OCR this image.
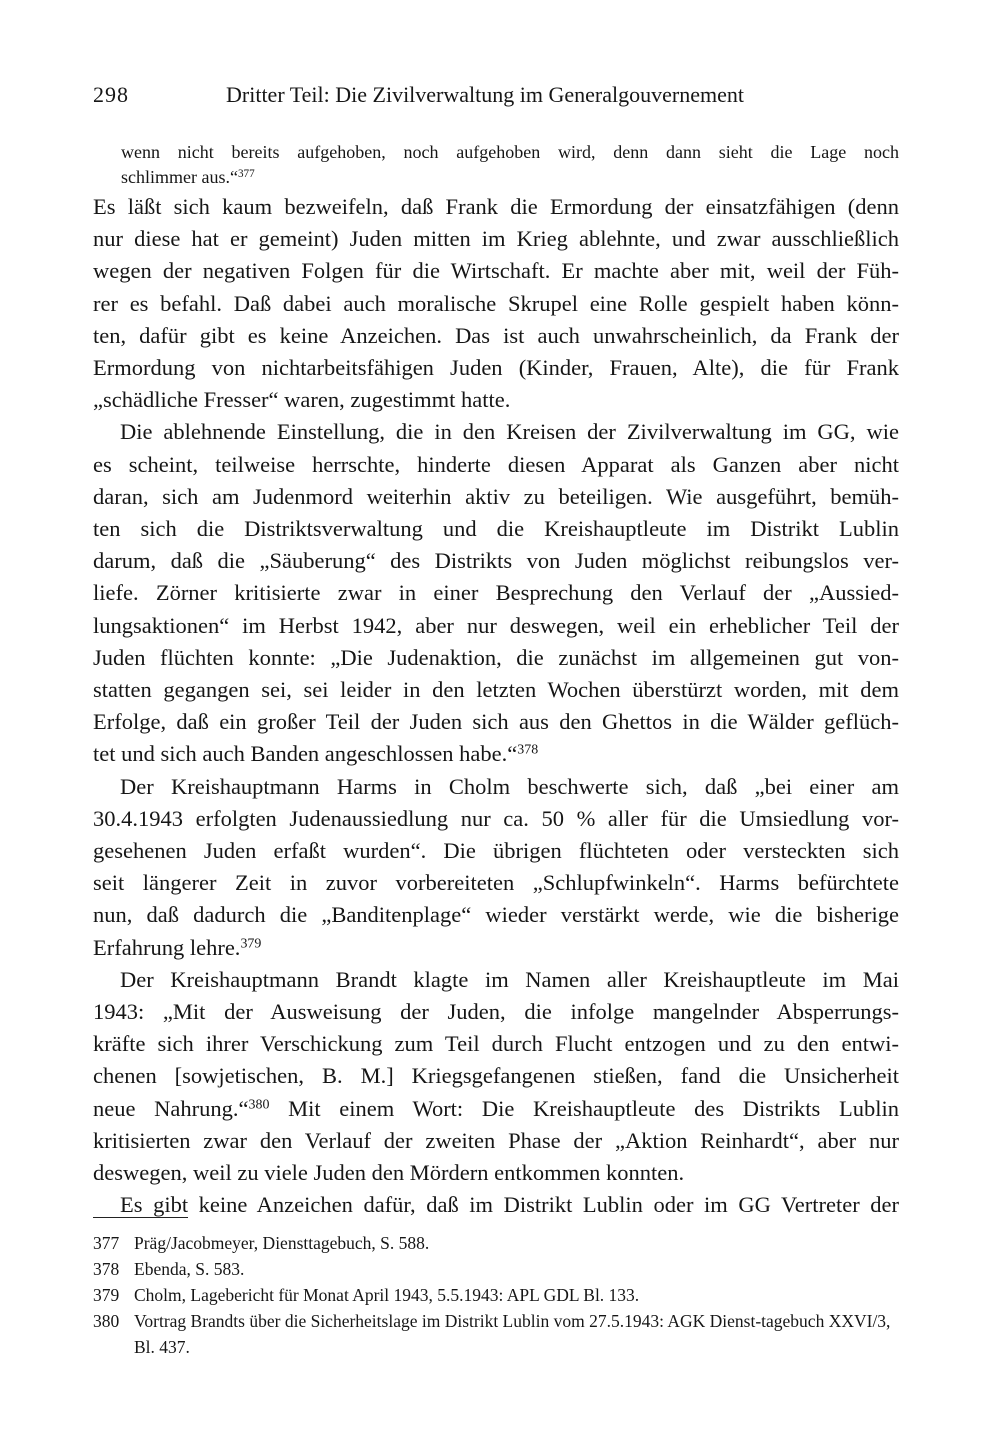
298	Dritter Teil: Die Zivilverwaltung im Generalgouvernement
wenn nicht bereits aufgehoben, noch aufgehoben wird, denn dann sieht die Lage noch
schlimmer aus.“$^{377}$
Es läßt sich kaum bezweifeln, daß Frank die Ermordung der einsatzfähigen (denn
nur diese hat er gemeint) Juden mitten im Krieg ablehnte, und zwar ausschließlich
wegen der negativen Folgen für die Wirtschaft. Er machte aber mit, weil der Füh-
rer es befahl. Daß dabei auch moralische Skrupel eine Rolle gespielt haben könn-
ten, dafür gibt es keine Anzeichen. Das ist auch unwahrscheinlich, da Frank der
Ermordung von nichtarbeitsfähigen Juden (Kinder, Frauen, Alte), die für Frank
„schädliche Fresser“ waren, zugestimmt hatte.
Die ablehnende Einstellung, die in den Kreisen der Zivilverwaltung im GG, wie
es scheint, teilweise herrschte, hinderte diesen Apparat als Ganzen aber nicht
daran, sich am Judenmord weiterhin aktiv zu beteiligen. Wie ausgeführt, bemüh-
ten sich die Distriktsverwaltung und die Kreishauptleute im Distrikt Lublin
darum, daß die „Säuberung“ des Distrikts von Juden möglichst reibungslos ver-
liefe. Zörner kritisierte zwar in einer Besprechung den Verlauf der „Aussied-
lungsaktionen“ im Herbst 1942, aber nur deswegen, weil ein erheblicher Teil der
Juden flüchten konnte: „Die Judenaktion, die zunächst im allgemeinen gut von-
statten gegangen sei, sei leider in den letzten Wochen überstürzt worden, mit dem
Erfolge, daß ein großer Teil der Juden sich aus den Ghettos in die Wälder geflüch-
tet und sich auch Banden angeschlossen habe.“$^{378}$
Der Kreishauptmann Harms in Cholm beschwerte sich, daß „bei einer am
30.4.1943 erfolgten Judenaussiedlung nur ca. 50 % aller für die Umsiedlung vor-
gesehenen Juden erfaßt wurden“. Die übrigen flüchteten oder versteckten sich
seit längerer Zeit in zuvor vorbereiteten „Schlupfwinkeln“. Harms befürchtete
nun, daß dadurch die „Banditenplage“ wieder verstärkt werde, wie die bisherige
Erfahrung lehre.$^{379}$
Der Kreishauptmann Brandt klagte im Namen aller Kreishauptleute im Mai
1943: „Mit der Ausweisung der Juden, die infolge mangelnder Absperrungs-
kräfte sich ihrer Verschickung zum Teil durch Flucht entzogen und zu den entwi-
chenen [sowjetischen, B. M.] Kriegsgefangenen stießen, fand die Unsicherheit
neue Nahrung.“$^{380}$ Mit einem Wort: Die Kreishauptleute des Distrikts Lublin
kritisierten zwar den Verlauf der zweiten Phase der „Aktion Reinhardt“, aber nur
deswegen, weil zu viele Juden den Mördern entkommen konnten.
Es gibt keine Anzeichen dafür, daß im Distrikt Lublin oder im GG Vertreter der
377 Präg/Jacobmeyer, Diensttagebuch, S. 588.
378 Ebenda, S. 583.
379 Cholm, Lagebericht für Monat April 1943, 5.5.1943: APL GDL Bl. 133.
380 Vortrag Brandts über die Sicherheitslage im Distrikt Lublin vom 27.5.1943: AGK Dienst-tagebuch XXVI/3, Bl. 437.
